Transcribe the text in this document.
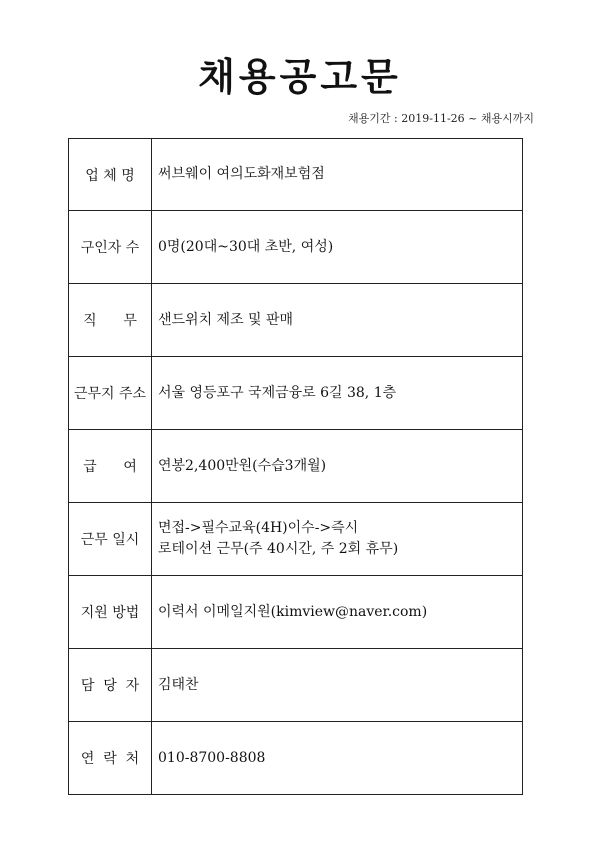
채용공고문
채용기간 : 2019-11-26 ~ 채용시까지
업 체 명	써브웨이 여의도화재보험점

구인자 수	0명(20대~30대 초반, 여성)

직      무	샌드위치 제조 및 판매

근무지 주소	서울 영등포구 국제금융로 6길 38, 1층

급      여	연봉2,400만원(수습3개월)

근무 일시	면접->필수교육(4H)이수->즉시
로테이션 근무(주 40시간, 주 2회 휴무)

지원 방법	이력서 이메일지원(kimview@naver.com)

담  당  자	김태찬

연  락  처	010-8700-8808
